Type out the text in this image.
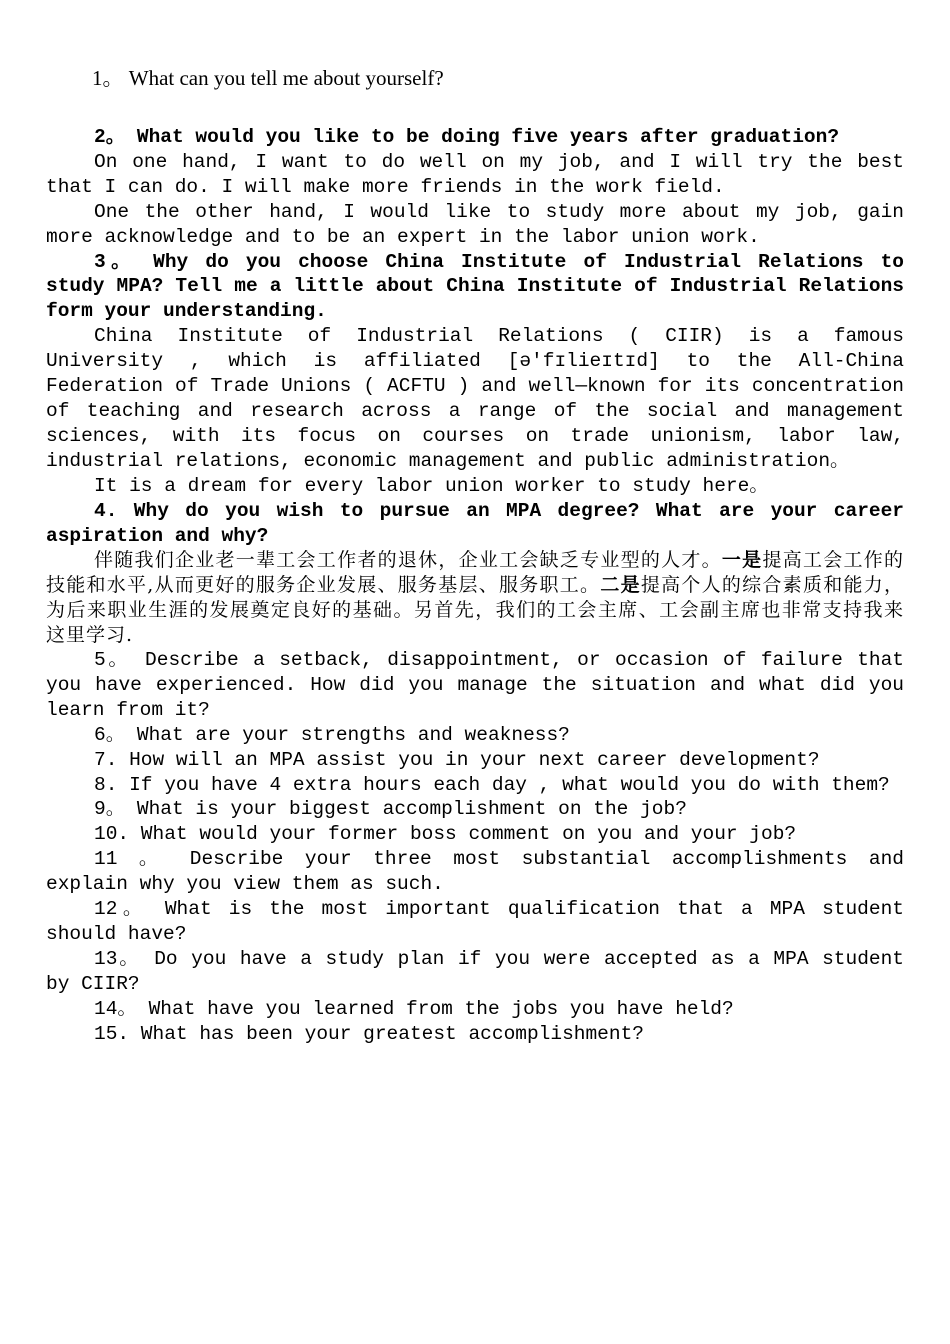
1。 What can you tell me about yourself?

2。 What would you like to be doing five years after graduation?

On one hand, I want to do well on my job, and I will try the best that I can do. I will make more friends in the work field.

One the other hand, I would like to study more about my job, gain more acknowledge and to be an expert in the labor union work.

3。 Why do you choose China Institute of Industrial Relations to study MPA? Tell me a little about China Institute of Industrial Relations form your understanding.

China Institute of Industrial Relations ( CIIR) is a famous University , which is affiliated [ə'fɪlieɪtɪd] to the All-China Federation of Trade Unions ( ACFTU ) and well—known for its concentration of teaching and research across a range of the social and management sciences, with its focus on courses on trade unionism, labor law, industrial relations, economic management and public administration。

It is a dream for every labor union worker to study here。

4. Why do you wish to pursue an MPA degree? What are your career aspiration and why?

伴随我们企业老一辈工会工作者的退休，企业工会缺乏专业型的人才。一是提高工会工作的技能和水平,从而更好的服务企业发展、服务基层、服务职工。二是提高个人的综合素质和能力，为后来职业生涯的发展奠定良好的基础。另首先，我们的工会主席、工会副主席也非常支持我来这里学习.

5。 Describe a setback, disappointment, or occasion of failure that you have experienced. How did you manage the situation and what did you learn from it?

6。 What are your strengths and weakness?

7. How will an MPA assist you in your next career development?

8. If you have 4 extra hours each day , what would you do with them?

9。 What is your biggest accomplishment on the job?

10. What would your former boss comment on you and your job?

11 。 Describe your three most substantial accomplishments and explain why you view them as such.

12。 What is the most important qualification that a MPA student should have?

13。 Do you have a study plan if you were accepted as a MPA student by CIIR?

14。 What have you learned from the jobs you have held?

15. What has been your greatest accomplishment?
